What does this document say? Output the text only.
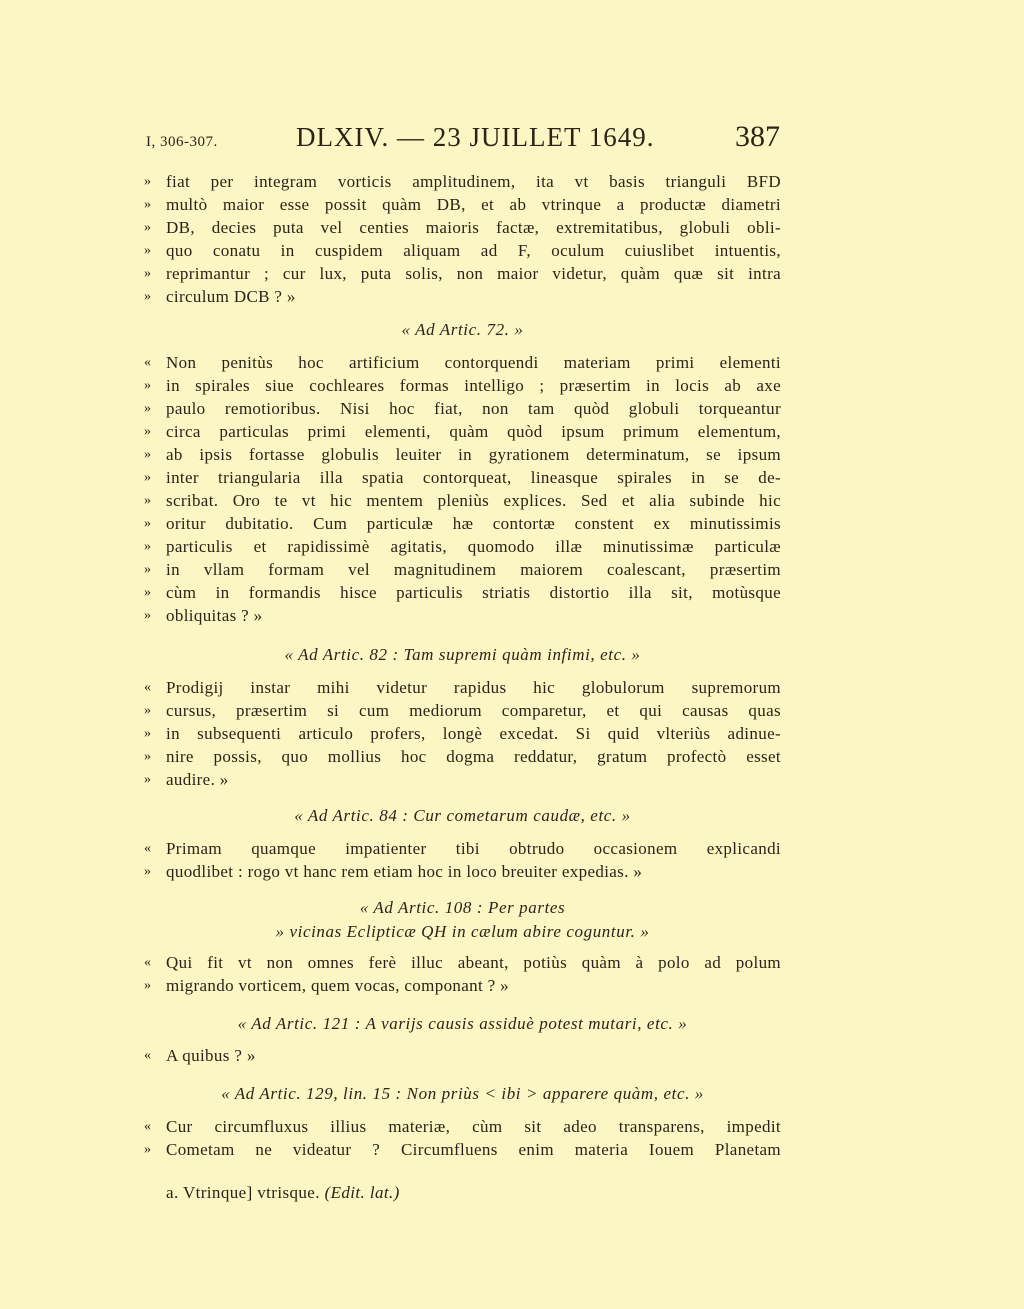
I, 306-307.	DLXIV. — 23 JUILLET 1649.	387
» fiat per integram vorticis amplitudinem, ita vt basis trianguli BFD
» multò maior esse possit quàm DB, et ab vtrinque a productæ diametri
» DB, decies puta vel centies maioris factæ, extremitatibus, globuli obli-
» quo conatu in cuspidem aliquam ad F, oculum cuiuslibet intuentis,
» reprimantur ; cur lux, puta solis, non maior videtur, quàm quæ sit intra
» circulum DCB ? »
« Ad Artic. 72. »
« Non penitùs hoc artificium contorquendi materiam primi elementi
» in spirales siue cochleares formas intelligo ; præsertim in locis ab axe
» paulo remotioribus. Nisi hoc fiat, non tam quòd globuli torqueantur
» circa particulas primi elementi, quàm quòd ipsum primum elementum,
» ab ipsis fortasse globulis leuiter in gyrationem determinatum, se ipsum
» inter triangularia illa spatia contorqueat, lineasque spirales in se de-
» scribat. Oro te vt hic mentem pleniùs explices. Sed et alia subinde hic
» oritur dubitatio. Cum particulæ hæ contortæ constent ex minutissimis
» particulis et rapidissimè agitatis, quomodo illæ minutissimæ particulæ
» in vllam formam vel magnitudinem maiorem coalescant, præsertim
» cùm in formandis hisce particulis striatis distortio illa sit, motùsque
» obliquitas ? »
« Ad Artic. 82 : Tam supremi quàm infimi, etc. »
« Prodigij instar mihi videtur rapidus hic globulorum supremorum
» cursus, præsertim si cum mediorum comparetur, et qui causas quas
» in subsequenti articulo profers, longè excedat. Si quid vlteriùs adinue-
» nire possis, quo mollius hoc dogma reddatur, gratum profectò esset
» audire. »
« Ad Artic. 84 : Cur cometarum caudæ, etc. »
« Primam quamque impatienter tibi obtrudo occasionem explicandi
» quodlibet : rogo vt hanc rem etiam hoc in loco breuiter expedias. »
« Ad Artic. 108 : Per partes
» vicinas Eclipticæ QH in cælum abire coguntur. »
« Qui fit vt non omnes ferè illuc abeant, potiùs quàm à polo ad polum
» migrando vorticem, quem vocas, componant ? »
« Ad Artic. 121 : A varijs causis assiduè potest mutari, etc. »
« A quibus ? »
« Ad Artic. 129, lin. 15 : Non priùs < ibi > apparere quàm, etc. »
« Cur circumfluxus illius materiæ, cùm sit adeo transparens, impedit
» Cometam ne videatur ? Circumfluens enim materia Iouem Planetam
a. Vtrinque] vtrisque. (Edit. lat.)
